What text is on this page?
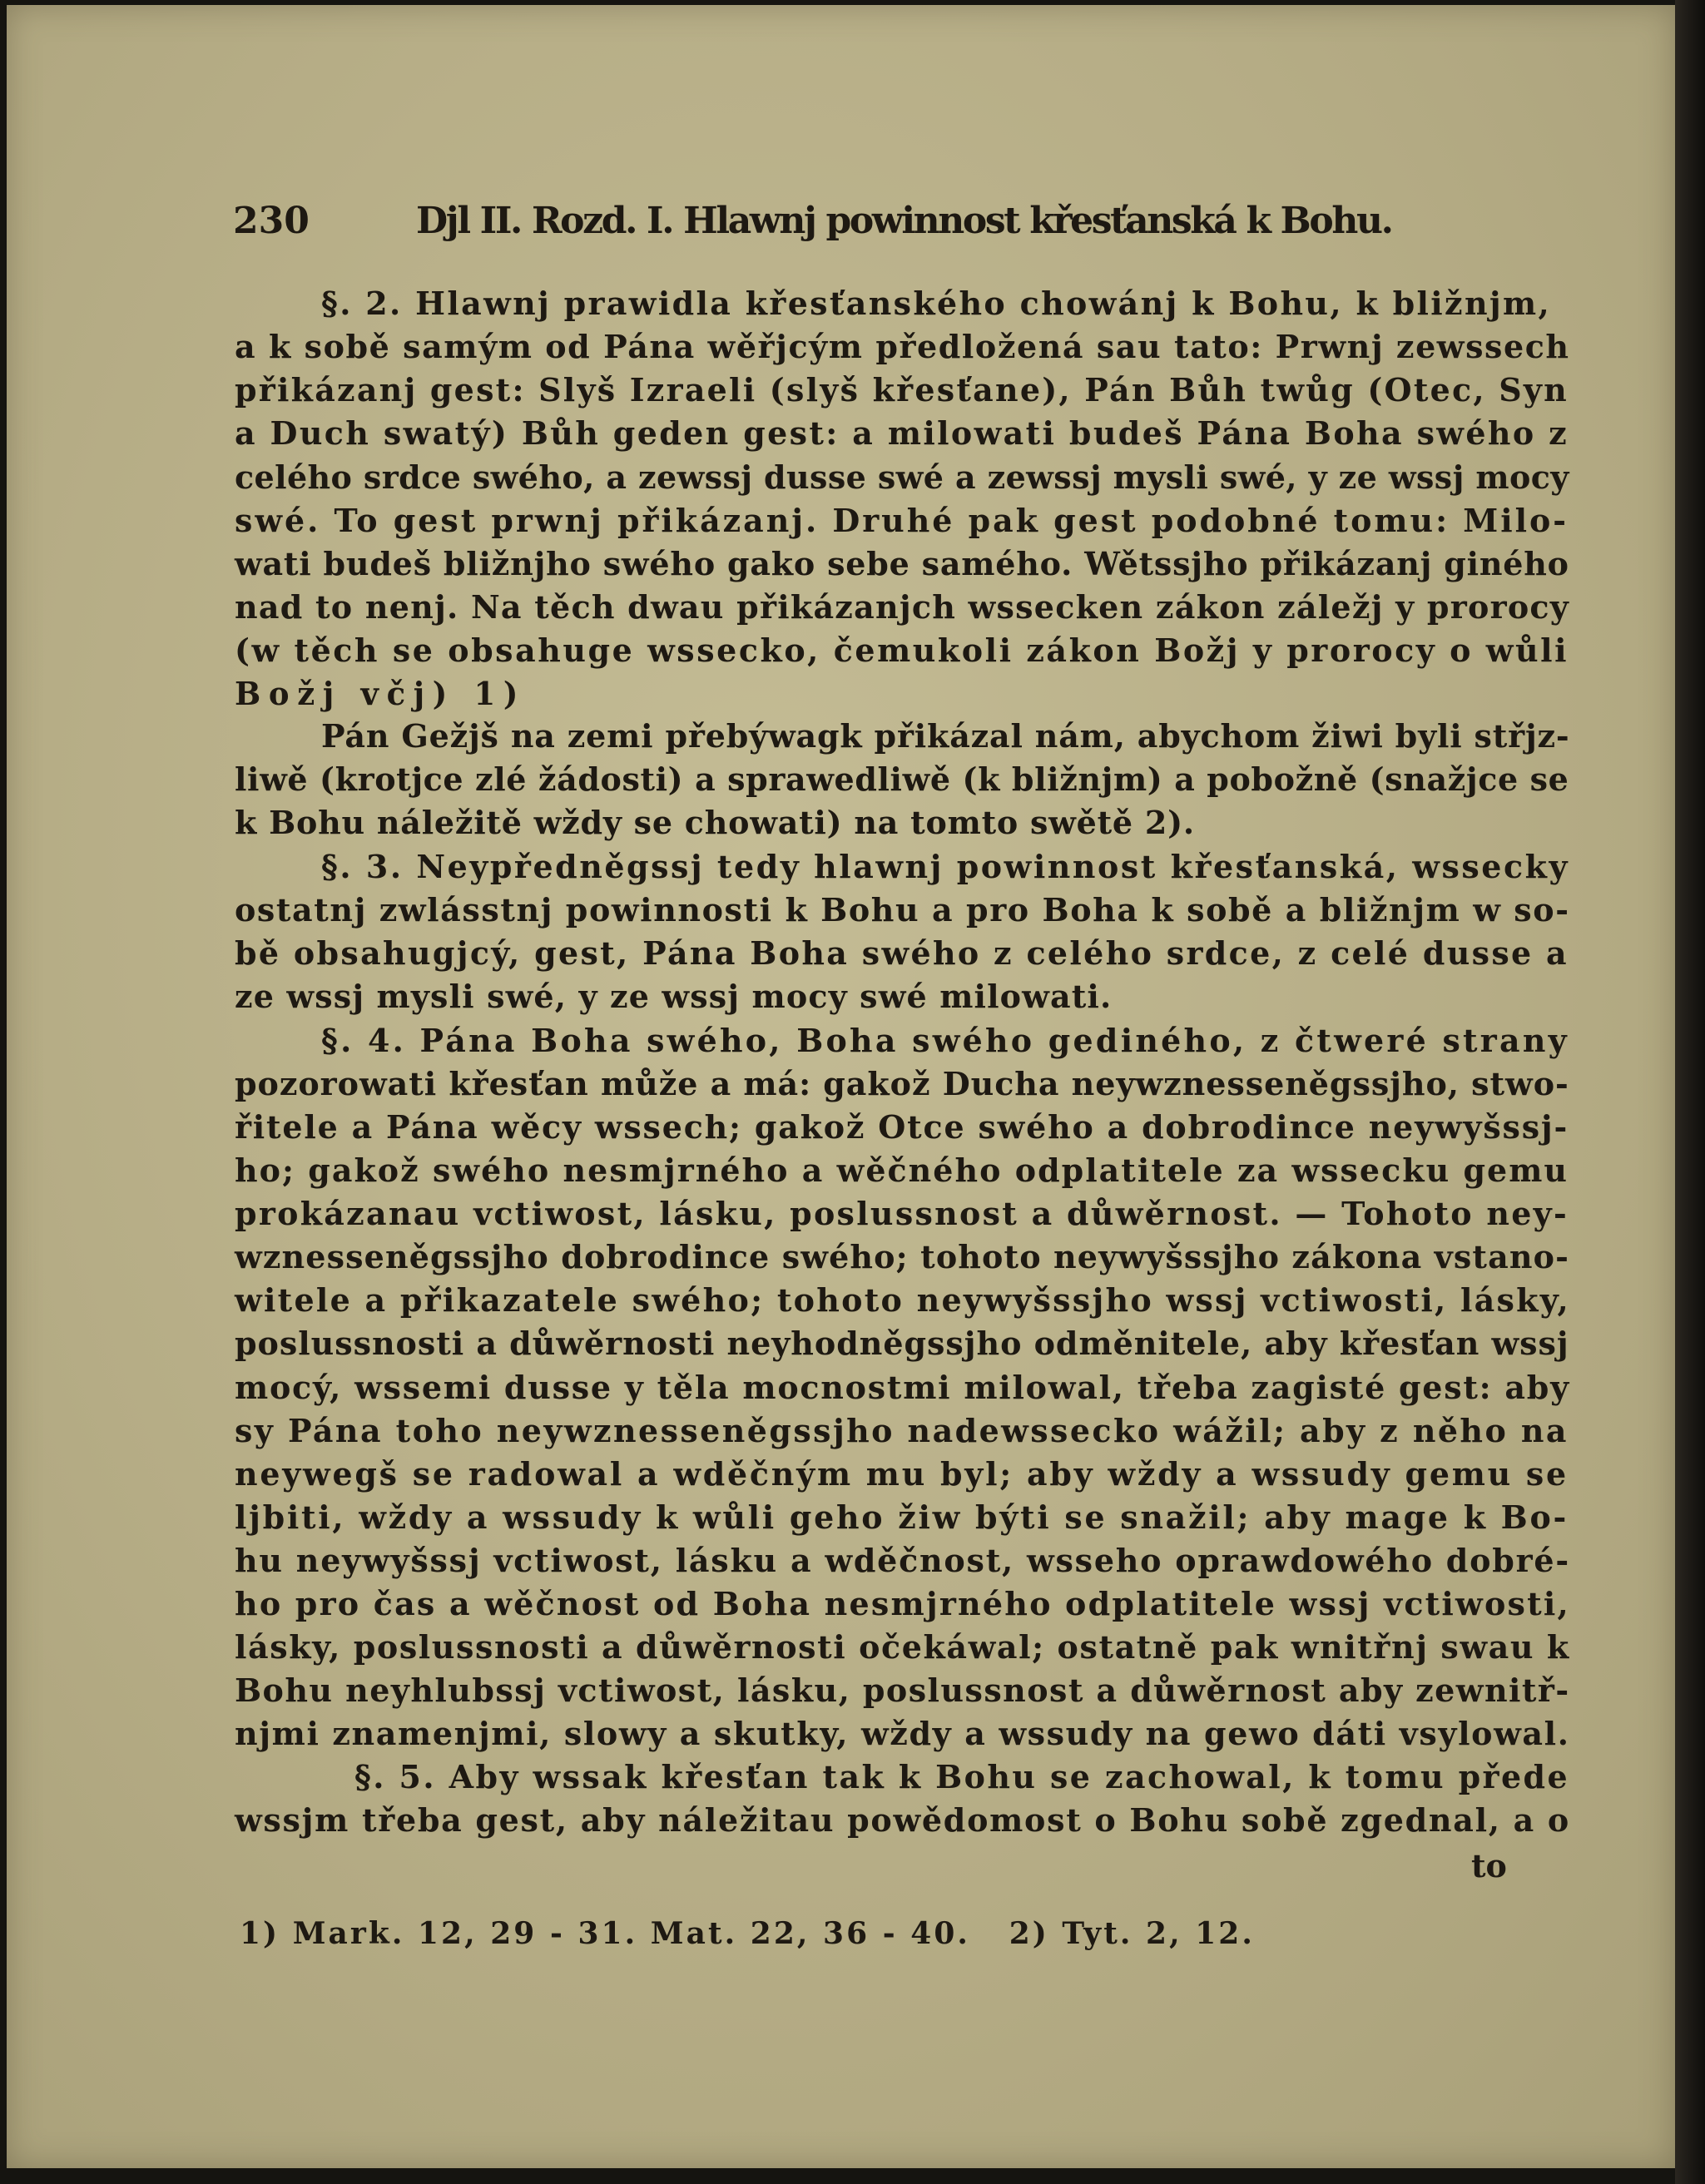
230	Djl II. Rozd. I. Hlawnj powinnost křesťanská k Bohu.
§. 2. Hlawnj prawidla křesťanského chowánj k Bohu, k bližnjm,
a k sobě samým od Pána wěřjcým předložená sau tato: Prwnj zewssech
přikázanj gest: Slyš Izraeli (slyš křesťane), Pán Bůh twůg (Otec, Syn
a Duch swatý) Bůh geden gest: a milowati budeš Pána Boha swého z
celého srdce swého, a zewssj dusse swé a zewssj mysli swé, y ze wssj mocy
swé. To gest prwnj přikázanj. Druhé pak gest podobné tomu: Milo-
wati budeš bližnjho swého gako sebe samého. Wětssjho přikázanj giného
nad to nenj. Na těch dwau přikázanjch wssecken zákon záležj y prorocy
(w těch se obsahuge wssecko, čemukoli zákon Božj y prorocy o wůli
Božj včj) 1)
Pán Gežjš na zemi přebýwagk přikázal nám, abychom žiwi byli střjz-
liwě (krotjce zlé žádosti) a sprawedliwě (k bližnjm) a pobožně (snažjce se
k Bohu náležitě wždy se chowati) na tomto swětě 2).
§. 3. Neypředněgssj tedy hlawnj powinnost křesťanská, wssecky
ostatnj zwlásstnj powinnosti k Bohu a pro Boha k sobě a bližnjm w so-
bě obsahugjcý, gest, Pána Boha swého z celého srdce, z celé dusse a
ze wssj mysli swé, y ze wssj mocy swé milowati.
§. 4. Pána Boha swého, Boha swého gediného, z čtweré strany
pozorowati křesťan může a má: gakož Ducha neywznesseněgssjho, stwo-
řitele a Pána wěcy wssech; gakož Otce swého a dobrodince neywyšssj-
ho; gakož swého nesmjrného a wěčného odplatitele za wssecku gemu
prokázanau vctiwost, lásku, poslussnost a důwěrnost. — Tohoto ney-
wznesseněgssjho dobrodince swého; tohoto neywyšssjho zákona vstano-
witele a přikazatele swého; tohoto neywyšssjho wssj vctiwosti, lásky,
poslussnosti a důwěrnosti neyhodněgssjho odměnitele, aby křesťan wssj
mocý, wssemi dusse y těla mocnostmi milowal, třeba zagisté gest: aby
sy Pána toho neywznesseněgssjho nadewssecko wážil; aby z něho na
neywegš se radowal a wděčným mu byl; aby wždy a wssudy gemu se
ljbiti, wždy a wssudy k wůli geho žiw býti se snažil; aby mage k Bo-
hu neywyšssj vctiwost, lásku a wděčnost, wsseho oprawdowého dobré-
ho pro čas a wěčnost od Boha nesmjrného odplatitele wssj vctiwosti,
lásky, poslussnosti a důwěrnosti očekáwal; ostatně pak wnitřnj swau k
Bohu neyhlubssj vctiwost, lásku, poslussnost a důwěrnost aby zewnitř-
njmi znamenjmi, slowy a skutky, wždy a wssudy na gewo dáti vsylowal.
§. 5. Aby wssak křesťan tak k Bohu se zachowal, k tomu přede
wssjm třeba gest, aby náležitau powědomost o Bohu sobě zgednal, a o
to
1) Mark. 12, 29 - 31. Mat. 22, 36 - 40.   2) Tyt. 2, 12.
